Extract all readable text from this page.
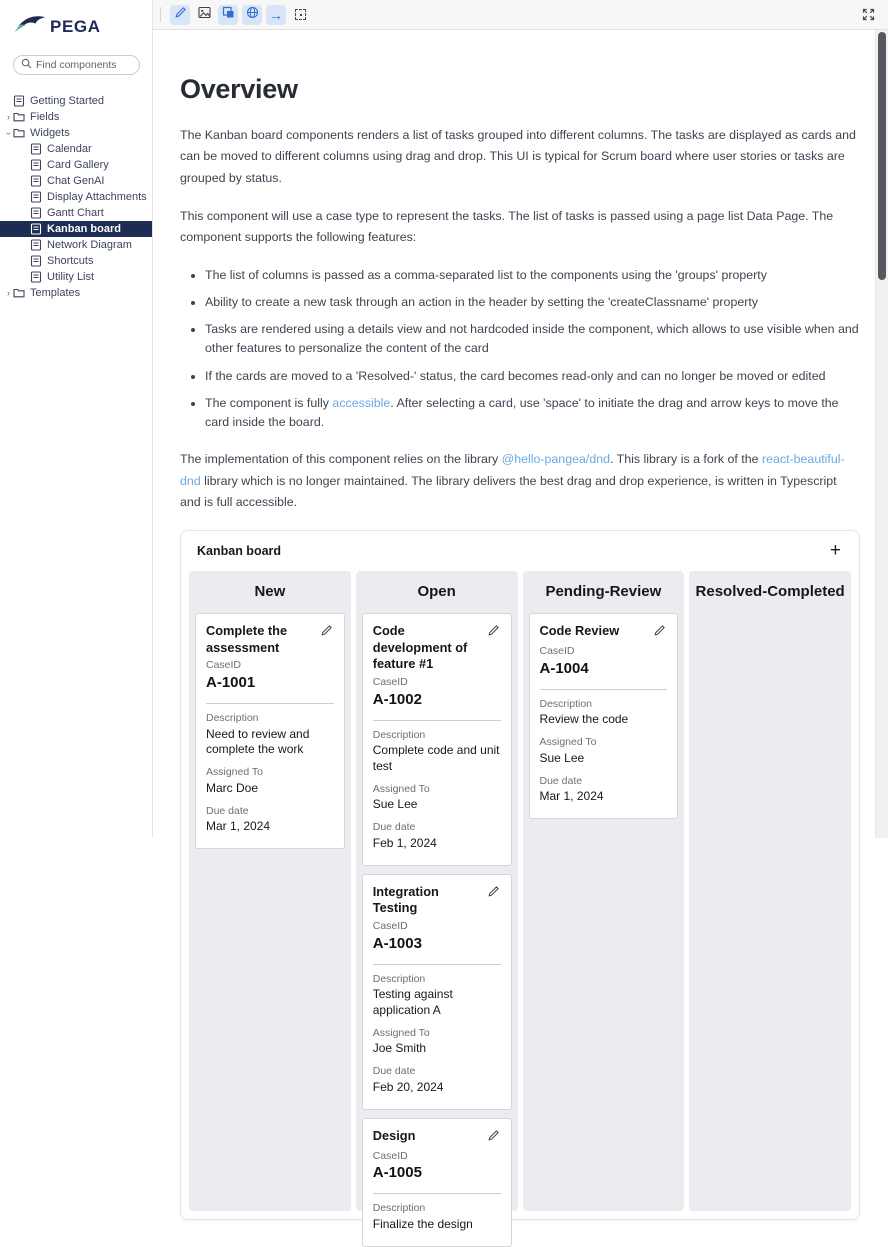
PEGA
Find components
Getting Started
› Fields
› Widgets
Calendar
Card Gallery
Chat GenAI
Display Attachments
Gantt Chart
Kanban board
Network Diagram
Shortcuts
Utility List
› Templates
→
Overview

The Kanban board components renders a list of tasks grouped into different columns. The tasks are displayed as cards and can be moved to different columns using drag and drop. This UI is typical for Scrum board where user stories or tasks are grouped by status.

This component will use a case type to represent the tasks. The list of tasks is passed using a page list Data Page. The component supports the following features:

• The list of columns is passed as a comma-separated list to the components using the 'groups' property
• Ability to create a new task through an action in the header by setting the 'createClassname' property
• Tasks are rendered using a details view and not hardcoded inside the component, which allows to use visible when and other features to personalize the content of the card
• If the cards are moved to a 'Resolved-' status, the card becomes read-only and can no longer be moved or edited
• The component is fully accessible. After selecting a card, use 'space' to initiate the drag and arrow keys to move the card inside the board.

The implementation of this component relies on the library @hello-pangea/dnd. This library is a fork of the react-beautiful-dnd library which is no longer maintained. The library delivers the best drag and drop experience, is written in Typescript and is full accessible.

Kanban board	+
New
Complete the assessment
CaseID
A-1001
Description
Need to review and complete the work
Assigned To
Marc Doe
Due date
Mar 1, 2024
Open
Code development of feature #1
CaseID
A-1002
Description
Complete code and unit test
Assigned To
Sue Lee
Due date
Feb 1, 2024
Integration Testing
CaseID
A-1003
Description
Testing against application A
Assigned To
Joe Smith
Due date
Feb 20, 2024
Design
CaseID
A-1005
Description
Finalize the design
Pending-Review
Code Review
CaseID
A-1004
Description
Review the code
Assigned To
Sue Lee
Due date
Mar 1, 2024
Resolved-Completed
